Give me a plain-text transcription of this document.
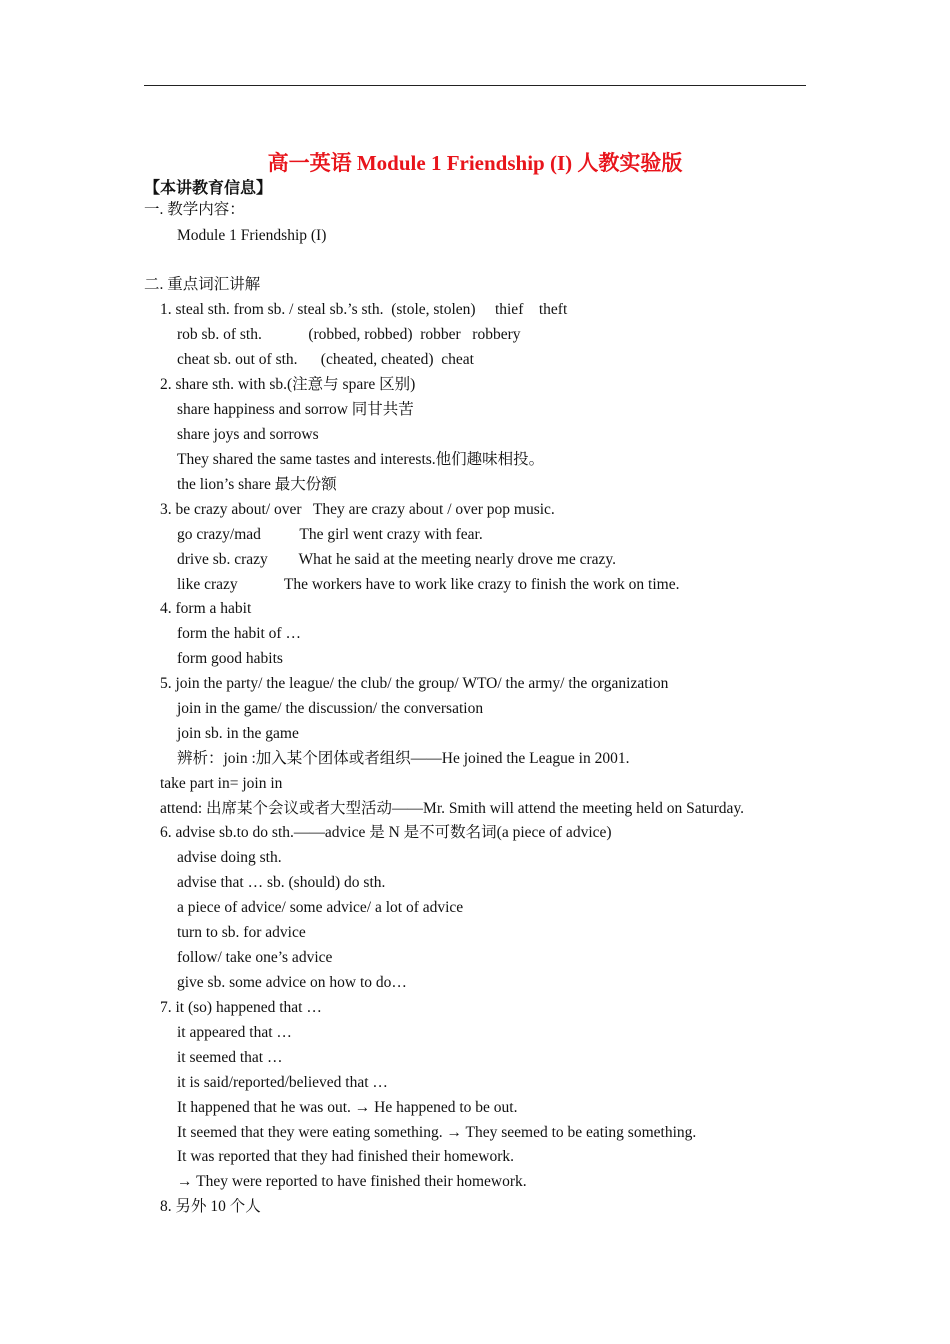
高一英语 Module 1 Friendship (I) 人教实验版
【本讲教育信息】
一. 教学内容：
Module 1 Friendship (I)
二. 重点词汇讲解
1. steal sth. from sb. / steal sb.’s sth.  (stole, stolen)     thief    theft
rob sb. of sth.            (robbed, robbed)  robber   robbery
cheat sb. out of sth.      (cheated, cheated)  cheat
2. share sth. with sb.(注意与 spare 区别)
share happiness and sorrow 同甘共苦
share joys and sorrows
They shared the same tastes and interests.他们趣味相投。
the lion’s share 最大份额
3. be crazy about/ over   They are crazy about / over pop music.
go crazy/mad          The girl went crazy with fear.
drive sb. crazy        What he said at the meeting nearly drove me crazy.
like crazy            The workers have to work like crazy to finish the work on time.
4. form a habit
form the habit of …
form good habits
5. join the party/ the league/ the club/ the group/ WTO/ the army/ the organization
join in the game/ the discussion/ the conversation
join sb. in the game
辨析：join :加入某个团体或者组织——He joined the League in 2001.
take part in= join in
attend: 出席某个会议或者大型活动——Mr. Smith will attend the meeting held on Saturday.
6. advise sb.to do sth.——advice 是 N 是不可数名词(a piece of advice)
advise doing sth.
advise that … sb. (should) do sth.
a piece of advice/ some advice/ a lot of advice
turn to sb. for advice
follow/ take one’s advice
give sb. some advice on how to do…
7. it (so) happened that …
it appeared that …
it seemed that …
it is said/reported/believed that …
It happened that he was out. → He happened to be out.
It seemed that they were eating something. → They seemed to be eating something.
It was reported that they had finished their homework.
→ They were reported to have finished their homework.
8. 另外 10 个人
